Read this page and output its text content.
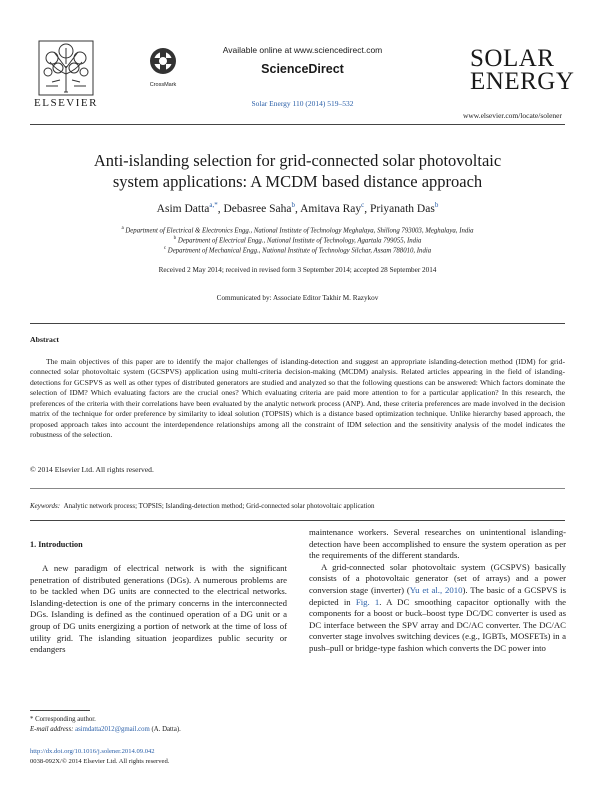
ELSEVIER
CrossMark
Available online at www.sciencedirect.com
ScienceDirect
Solar Energy 110 (2014) 519–532
SOLAR
ENERGY
www.elsevier.com/locate/solener
Anti-islanding selection for grid-connected solar photovoltaic
system applications: A MCDM based distance approach
Asim Datta$^{a,*}$, Debasree Saha$^b$, Amitava Ray$^c$, Priyanath Das$^b$
$^a$ Department of Electrical & Electronics Engg., National Institute of Technology Meghalaya, Shillong 793003, Meghalaya, India
$^b$ Department of Electrical Engg., National Institute of Technology, Agartala 799055, India
$^c$ Department of Mechanical Engg., National Institute of Technology Silchar, Assam 788010, India
Received 2 May 2014; received in revised form 3 September 2014; accepted 28 September 2014
Communicated by: Associate Editor Takhir M. Razykov
Abstract
The main objectives of this paper are to identify the major challenges of islanding-detection and suggest an appropriate islanding-detection method (IDM) for grid-connected solar photovoltaic system (GCSPVS) application using multi-criteria decision-making (MCDM) analysis. Related articles appearing in the field of islanding-detections for GCSPVS as well as other types of distributed generators are studied and analyzed so that the following questions can be answered: Which factors dominate the selection of IDM? Which evaluating factors are the crucial ones? Which evaluating criteria are paid more attention to for a particular application? In this research, the preferences of the criteria with their correlations have been evaluated by the analytic network process (ANP). And, these criteria preferences are made involved in the decision matrix of the technique for order preference by similarity to ideal solution (TOPSIS) which is a distance based optimization technique. Unlike hierarchy based approach, the proposed approach takes into account the interdependence relationships among all the constraint of IDM selection and the sensitivity analysis of the model indicates the robustness of the selection.
© 2014 Elsevier Ltd. All rights reserved.
Keywords: Analytic network process; TOPSIS; Islanding-detection method; Grid-connected solar photovoltaic application
1. Introduction

A new paradigm of electrical network is with the significant penetration of distributed generations (DGs). A numerous problems are to be tackled when DG units are connected to the electrical networks. Islanding-detection is one of the primary concerns in the interconnected DGs. Islanding is defined as the continued operation of a DG unit or a group of DG units energizing a portion of network at the time of loss of utility grid. The islanding situation jeopardizes public security or endangers

maintenance workers. Several researches on unintentional islanding-detection have been accomplished to ensure the system operation as per the requirements of the different standards.

A grid-connected solar photovoltaic system (GCSPVS) basically consists of a photovoltaic generator (set of arrays) and a power conversion stage (inverter) (Yu et al., 2010). The basic of a GCSPVS is depicted in Fig. 1. A DC smoothing capacitor optionally with the components for a boost or buck–boost type DC/DC converter is used as DC interface between the SPV array and DC/AC converter. The DC/AC converter stage involves switching devices (e.g., IGBTs, MOSFETs) in a push–pull or bridge-type fashion which converts the DC power into

* Corresponding author.
E-mail address: asimdatta2012@gmail.com (A. Datta).
http://dx.doi.org/10.1016/j.solener.2014.09.042
0038-092X/© 2014 Elsevier Ltd. All rights reserved.
